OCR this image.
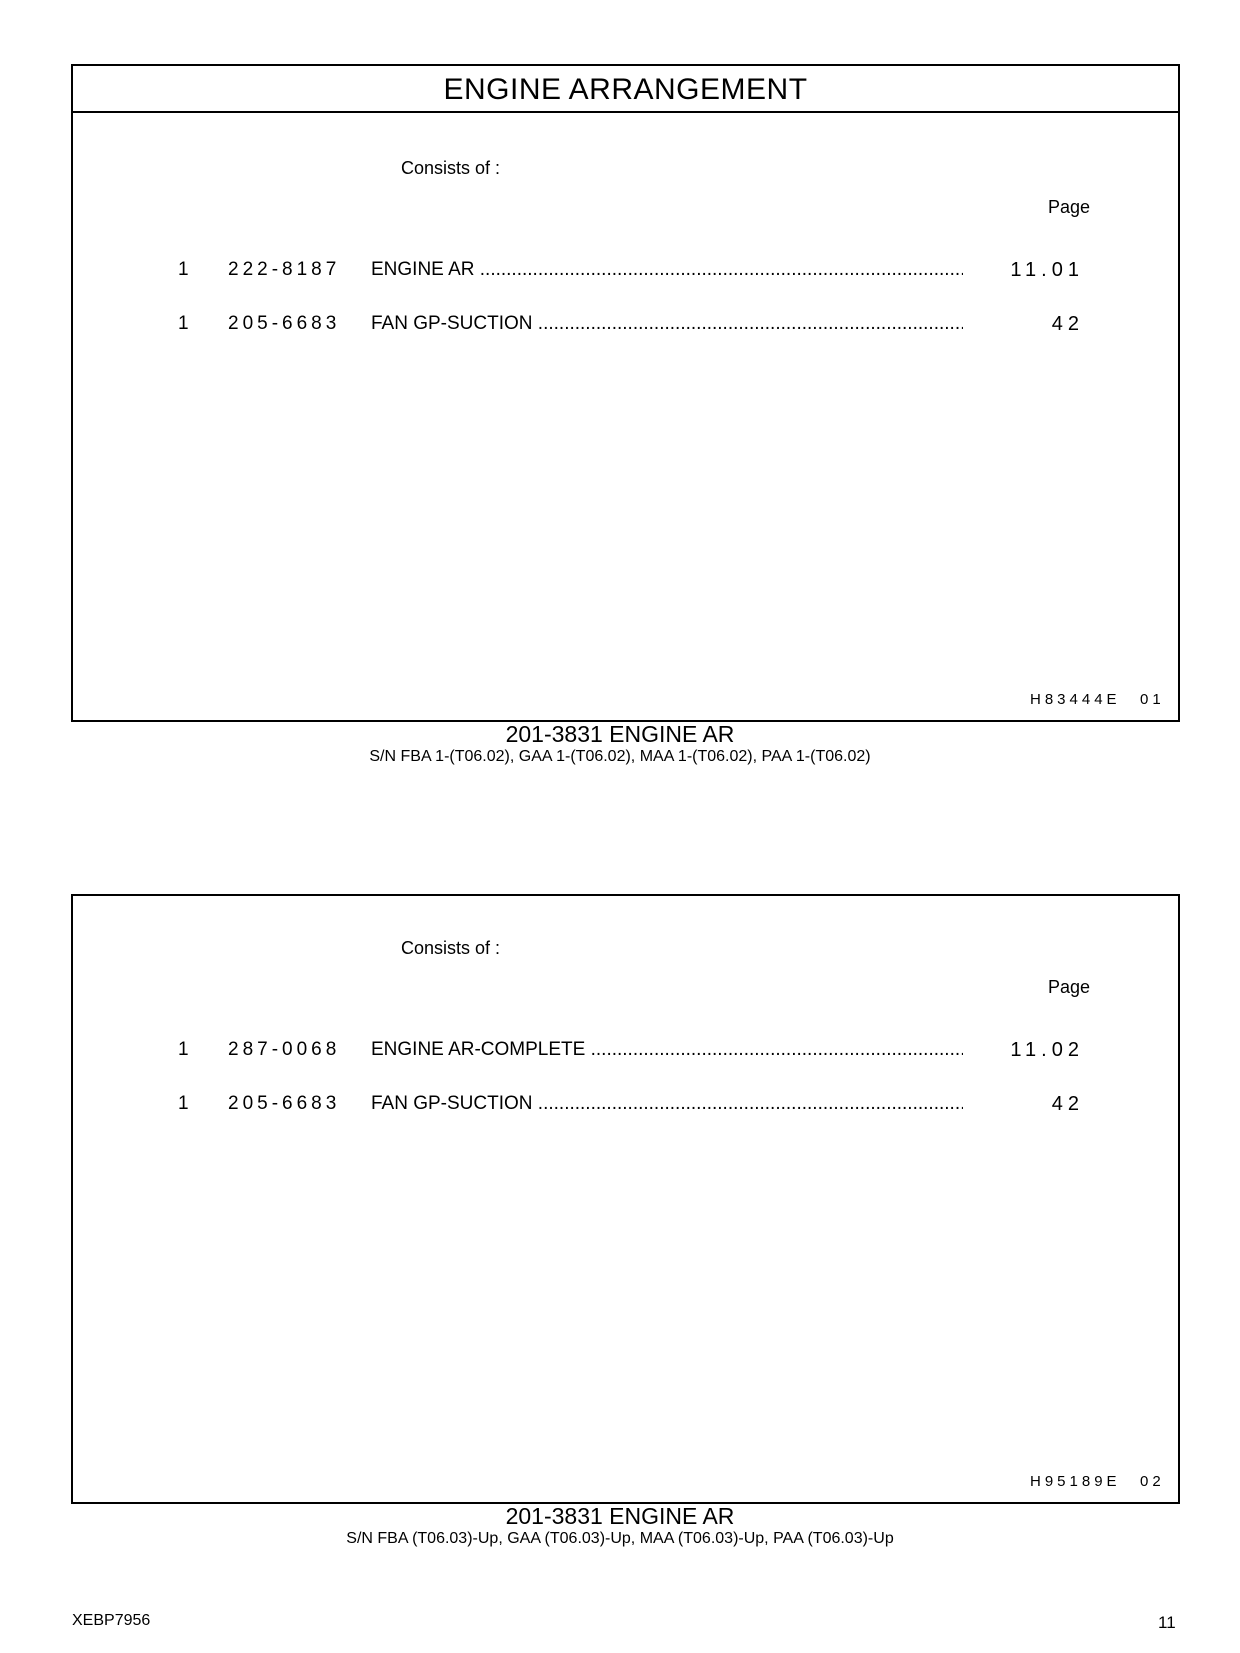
ENGINE ARRANGEMENT
Consists of :
Page
1 222-8187 ENGINE AR .....	11.01
1 205-6683 FAN GP-SUCTION .....	42
H83444E 01
201-3831 ENGINE AR
S/N FBA 1-(T06.02), GAA 1-(T06.02), MAA 1-(T06.02), PAA 1-(T06.02)
Consists of :
Page
1 287-0068 ENGINE AR-COMPLETE .....	11.02
1 205-6683 FAN GP-SUCTION .....	42
H95189E 02
201-3831 ENGINE AR
S/N FBA (T06.03)-Up, GAA (T06.03)-Up, MAA (T06.03)-Up, PAA (T06.03)-Up
XEBP7956	11
